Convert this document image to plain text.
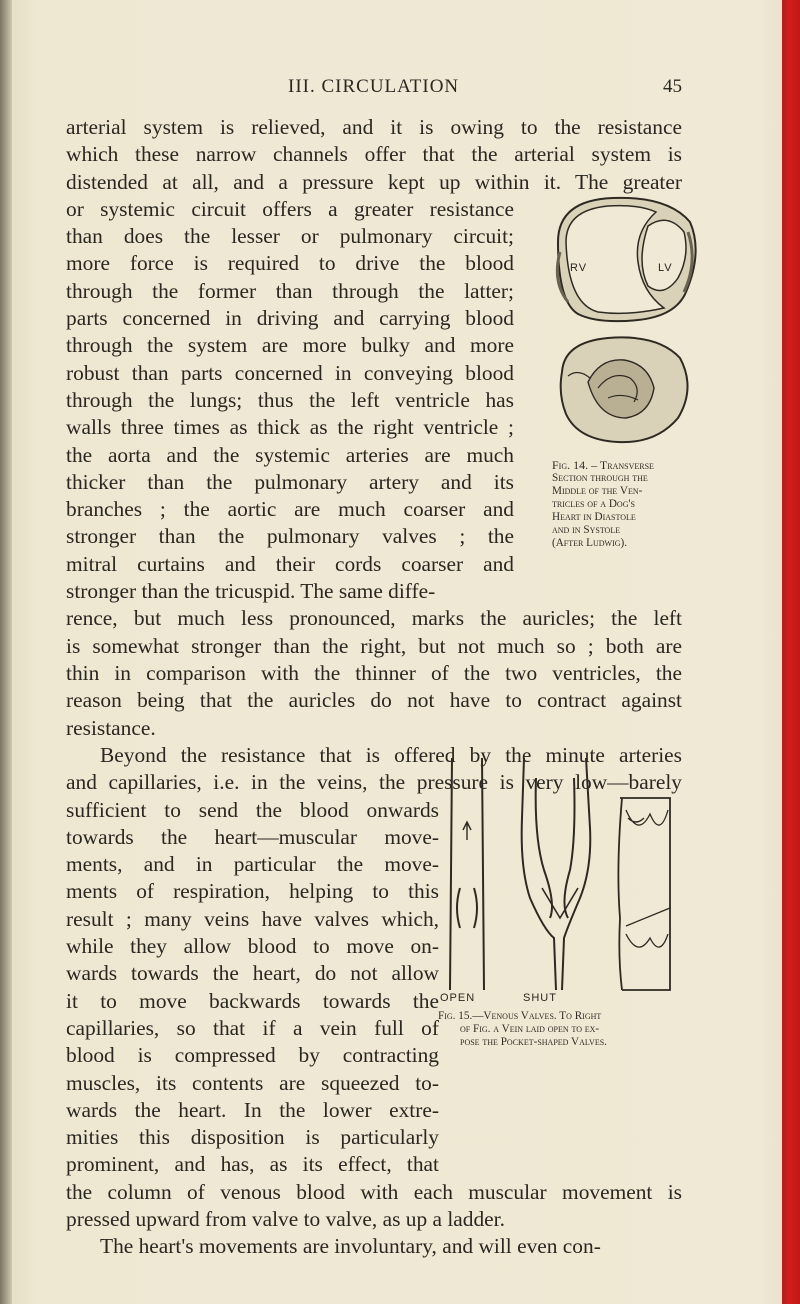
III. CIRCULATION	45
arterial system is relieved, and it is owing to the resistance
which these narrow channels offer that the arterial system is
distended at all, and a pressure kept up within it. The greater
or systemic circuit offers a greater resistance
than does the lesser or pulmonary circuit;
more force is required to drive the blood
through the former than through the latter;
parts concerned in driving and carrying blood
through the system are more bulky and more
robust than parts concerned in conveying blood
through the lungs; thus the left ventricle has
walls three times as thick as the right ventricle ;
the aorta and the systemic arteries are much
thicker than the pulmonary artery and its
branches ; the aortic are much coarser and
stronger than the pulmonary valves ; the
mitral curtains and their cords coarser and
stronger than the tricuspid. The same diffe-
rence, but much less pronounced, marks the auricles; the left
is somewhat stronger than the right, but not much so ; both are
thin in comparison with the thinner of the two ventricles, the
reason being that the auricles do not have to contract against
resistance.
Beyond the resistance that is offered by the minute arteries
and capillaries, i.e. in the veins, the pressure is very low—barely
sufficient to send the blood onwards
towards the heart—muscular move-
ments, and in particular the move-
ments of respiration, helping to this
result ; many veins have valves which,
while they allow blood to move on-
wards towards the heart, do not allow
it to move backwards towards the
capillaries, so that if a vein full of
blood is compressed by contracting
muscles, its contents are squeezed to-
wards the heart. In the lower extre-
mities this disposition is particularly
prominent, and has, as its effect, that
the column of venous blood with each muscular movement is
pressed upward from valve to valve, as up a ladder.
The heart's movements are involuntary, and will even con-
RV	LV
Fig. 14. – Transverse
Section through the
Middle of the Ven-
tricles of a Dog's
Heart in Diastole
and in Systole
(After Ludwig).
OPEN	SHUT
Fig. 15.—Venous Valves. To Right
of Fig. a Vein laid open to ex-
pose the Pocket-shaped Valves.
